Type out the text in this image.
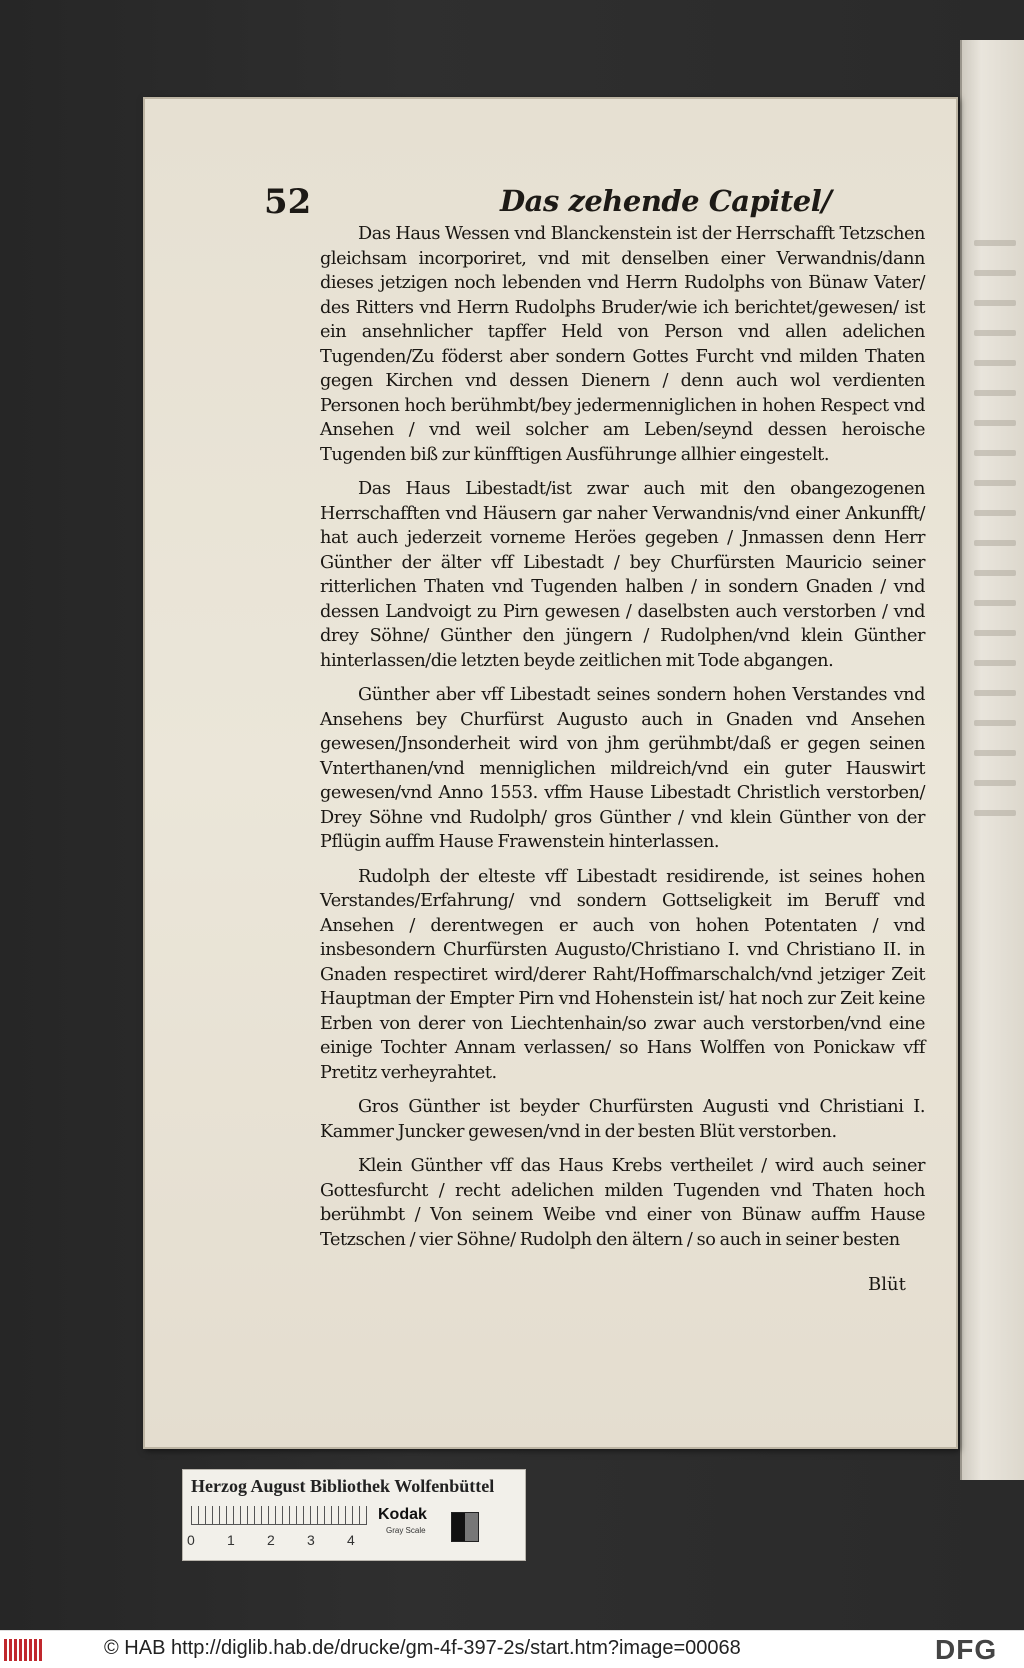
52	Das zehende Capitel/

Das Haus Wessen vnd Blanckenstein ist der Herrschafft Tetzschen gleichsam incorporiret, vnd mit denselben einer Verwandnis/dann dieses jetzigen noch lebenden vnd Herrn Rudolphs von Bünaw Vater/ des Ritters vnd Herrn Rudolphs Bruder/wie ich berichtet/gewesen/ ist ein ansehnlicher tapffer Held von Person vnd allen adelichen Tugenden/Zu föderst aber sondern Gottes Furcht vnd milden Thaten gegen Kirchen vnd dessen Dienern / denn auch wol verdienten Personen hoch berühmbt/bey jedermenniglichen in hohen Respect vnd Ansehen / vnd weil solcher am Leben/seynd dessen heroische Tugenden biß zur künfftigen Ausführunge allhier eingestelt.

Das Haus Libestadt/ist zwar auch mit den obangezogenen Herrschafften vnd Häusern gar naher Verwandnis/vnd einer Ankunfft/ hat auch jederzeit vorneme Heröes gegeben / Jnmassen denn Herr Günther der älter vff Libestadt / bey Churfürsten Mauricio seiner ritterlichen Thaten vnd Tugenden halben / in sondern Gnaden / vnd dessen Landvoigt zu Pirn gewesen / daselbsten auch verstorben / vnd drey Söhne/ Günther den jüngern / Rudolphen/vnd klein Günther hinterlassen/die letzten beyde zeitlichen mit Tode abgangen.

Günther aber vff Libestadt seines sondern hohen Verstandes vnd Ansehens bey Churfürst Augusto auch in Gnaden vnd Ansehen gewesen/Jnsonderheit wird von jhm gerühmbt/daß er gegen seinen Vnterthanen/vnd menniglichen mildreich/vnd ein guter Hauswirt gewesen/vnd Anno 1553. vffm Hause Libestadt Christlich verstorben/ Drey Söhne vnd Rudolph/ gros Günther / vnd klein Günther von der Pflügin auffm Hause Frawenstein hinterlassen.

Rudolph der elteste vff Libestadt residirende, ist seines hohen Verstandes/Erfahrung/ vnd sondern Gottseligkeit im Beruff vnd Ansehen / derentwegen er auch von hohen Potentaten / vnd insbesondern Churfürsten Augusto/Christiano I. vnd Christiano II. in Gnaden respectiret wird/derer Raht/Hoffmarschalch/vnd jetziger Zeit Hauptman der Empter Pirn vnd Hohenstein ist/ hat noch zur Zeit keine Erben von derer von Liechtenhain/so zwar auch verstorben/vnd eine einige Tochter Annam verlassen/ so Hans Wolffen von Ponickaw vff Pretitz verheyrahtet.

Gros Günther ist beyder Churfürsten Augusti vnd Christiani I. Kammer Juncker gewesen/vnd in der besten Blüt verstorben.

Klein Günther vff das Haus Krebs vertheilet / wird auch seiner Gottesfurcht / recht adelichen milden Tugenden vnd Thaten hoch berühmbt / Von seinem Weibe vnd einer von Bünaw auffm Hause Tetzschen / vier Söhne/ Rudolph den ältern / so auch in seiner besten

Blüt
Herzog August Bibliothek Wolfenbüttel
0 1 2 3 4
Kodak
Gray Scale
© HAB http://diglib.hab.de/drucke/gm-4f-397-2s/start.htm?image=00068	DFG
